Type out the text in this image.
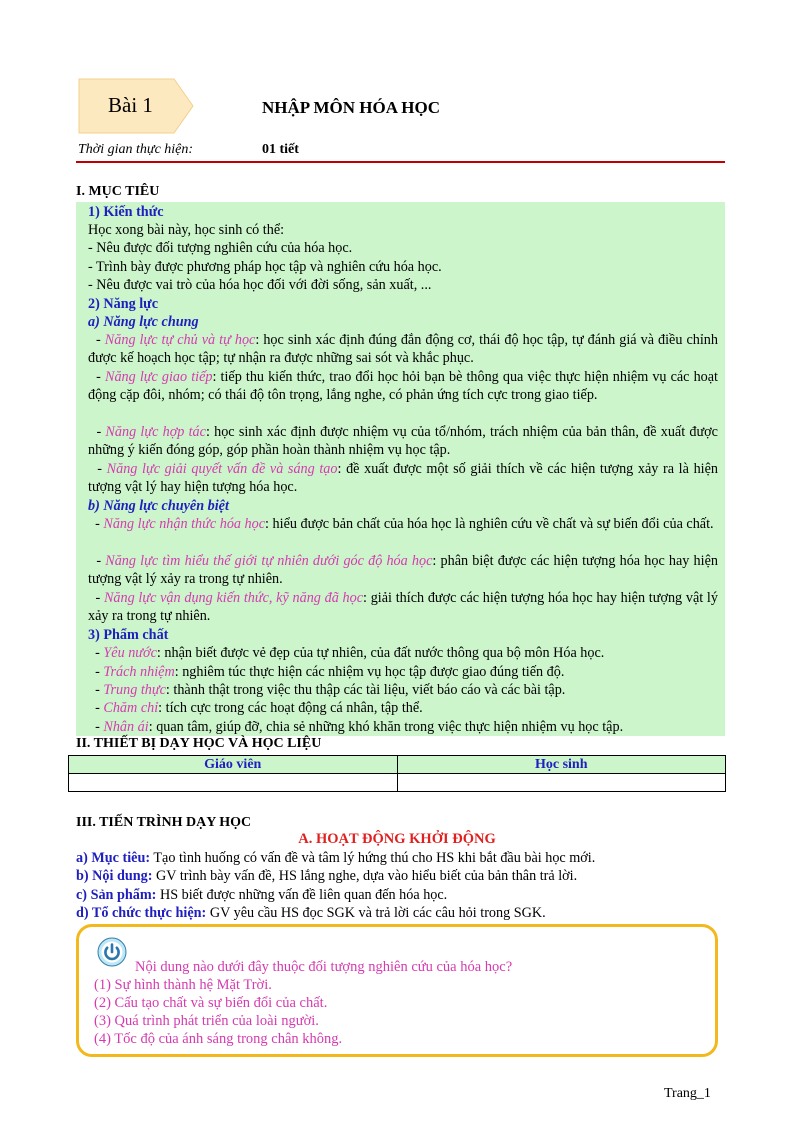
Bài 1	NHẬP MÔN HÓA HỌC
Thời gian thực hiện:	01 tiết
I. MỤC TIÊU
1) Kiến thức
Học xong bài này, học sinh có thể:
- Nêu được đối tượng nghiên cứu của hóa học.
- Trình bày được phương pháp học tập và nghiên cứu hóa học.
- Nêu được vai trò của hóa học đối với đời sống, sản xuất, ...
2) Năng lực
a) Năng lực chung
- Năng lực tự chủ và tự học: học sinh xác định đúng đắn động cơ, thái độ học tập, tự đánh giá và điều chỉnh được kế hoạch học tập; tự nhận ra được những sai sót và khắc phục.
- Năng lực giao tiếp: tiếp thu kiến thức, trao đổi học hỏi bạn bè thông qua việc thực hiện nhiệm vụ các hoạt động cặp đôi, nhóm; có thái độ tôn trọng, lắng nghe, có phản ứng tích cực trong giao tiếp.
- Năng lực hợp tác: học sinh xác định được nhiệm vụ của tổ/nhóm, trách nhiệm của bản thân, đề xuất được những ý kiến đóng góp, góp phần hoàn thành nhiệm vụ học tập.
- Năng lực giải quyết vấn đề và sáng tạo: đề xuất được một số giải thích về các hiện tượng xảy ra là hiện tượng vật lý hay hiện tượng hóa học.
b) Năng lực chuyên biệt
- Năng lực nhận thức hóa học: hiểu được bản chất của hóa học là nghiên cứu về chất và sự biến đổi của chất.
- Năng lực tìm hiểu thế giới tự nhiên dưới góc độ hóa học: phân biệt được các hiện tượng hóa học hay hiện tượng vật lý xảy ra trong tự nhiên.
- Năng lực vận dụng kiến thức, kỹ năng đã học: giải thích được các hiện tượng hóa học hay hiện tượng vật lý xảy ra trong tự nhiên.
3) Phẩm chất
- Yêu nước: nhận biết được vẻ đẹp của tự nhiên, của đất nước thông qua bộ môn Hóa học.
- Trách nhiệm: nghiêm túc thực hiện các nhiệm vụ học tập được giao đúng tiến độ.
- Trung thực: thành thật trong việc thu thập các tài liệu, viết báo cáo và các bài tập.
- Chăm chỉ: tích cực trong các hoạt động cá nhân, tập thể.
- Nhân ái: quan tâm, giúp đỡ, chia sẻ những khó khăn trong việc thực hiện nhiệm vụ học tập.
II. THIẾT BỊ DẠY HỌC VÀ HỌC LIỆU
Giáo viên	Học sinh

III. TIẾN TRÌNH DẠY HỌC
A. HOẠT ĐỘNG KHỞI ĐỘNG
a) Mục tiêu: Tạo tình huống có vấn đề và tâm lý hứng thú cho HS khi bắt đầu bài học mới.
b) Nội dung: GV trình bày vấn đề, HS lắng nghe, dựa vào hiểu biết của bản thân trả lời.
c) Sản phẩm: HS biết được những vấn đề liên quan đến hóa học.
d) Tổ chức thực hiện: GV yêu cầu HS đọc SGK và trả lời các câu hỏi trong SGK.
Nội dung nào dưới đây thuộc đối tượng nghiên cứu của hóa học?
(1) Sự hình thành hệ Mặt Trời.
(2) Cấu tạo chất và sự biến đổi của chất.
(3) Quá trình phát triển của loài người.
(4) Tốc độ của ánh sáng trong chân không.
Trang_1
